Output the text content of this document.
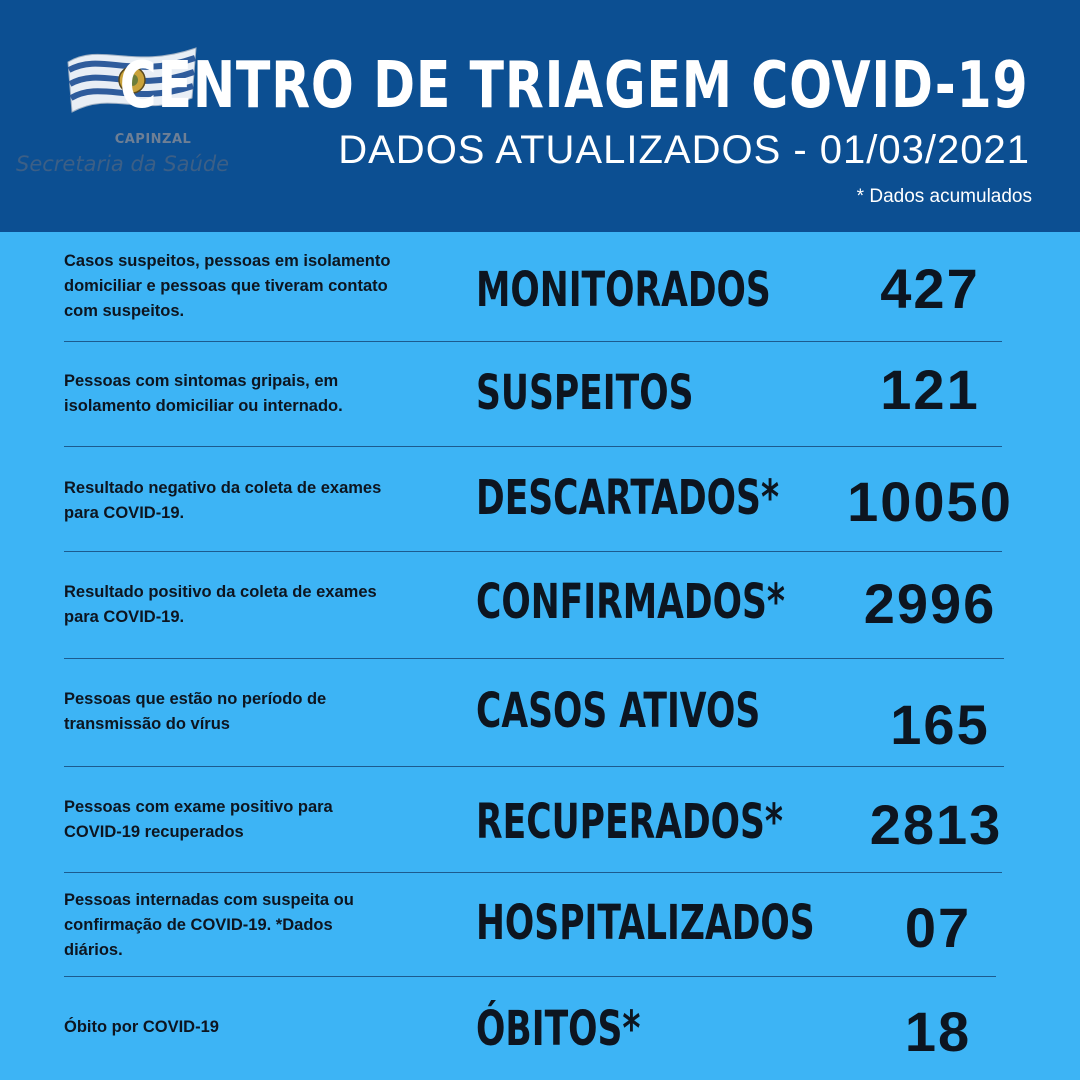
CAPINZAL
Secretaria da Saúde
CENTRO DE TRIAGEM COVID-19
DADOS ATUALIZADOS - 01/03/2021
* Dados acumulados
Casos suspeitos, pessoas em isolamento domiciliar e pessoas que tiveram contato com suspeitos.	MONITORADOS	427
Pessoas com sintomas gripais, em isolamento domiciliar ou internado.	SUSPEITOS	121
Resultado negativo da coleta de exames para COVID-19.	DESCARTADOS*	10050
Resultado positivo da coleta de exames para COVID-19.	CONFIRMADOS*	2996
Pessoas que estão no período de transmissão do vírus	CASOS ATIVOS	165
Pessoas com exame positivo para COVID-19 recuperados	RECUPERADOS*	2813
Pessoas internadas com suspeita ou confirmação de COVID-19. *Dados diários.	HOSPITALIZADOS	07
Óbito por COVID-19	ÓBITOS*	18
